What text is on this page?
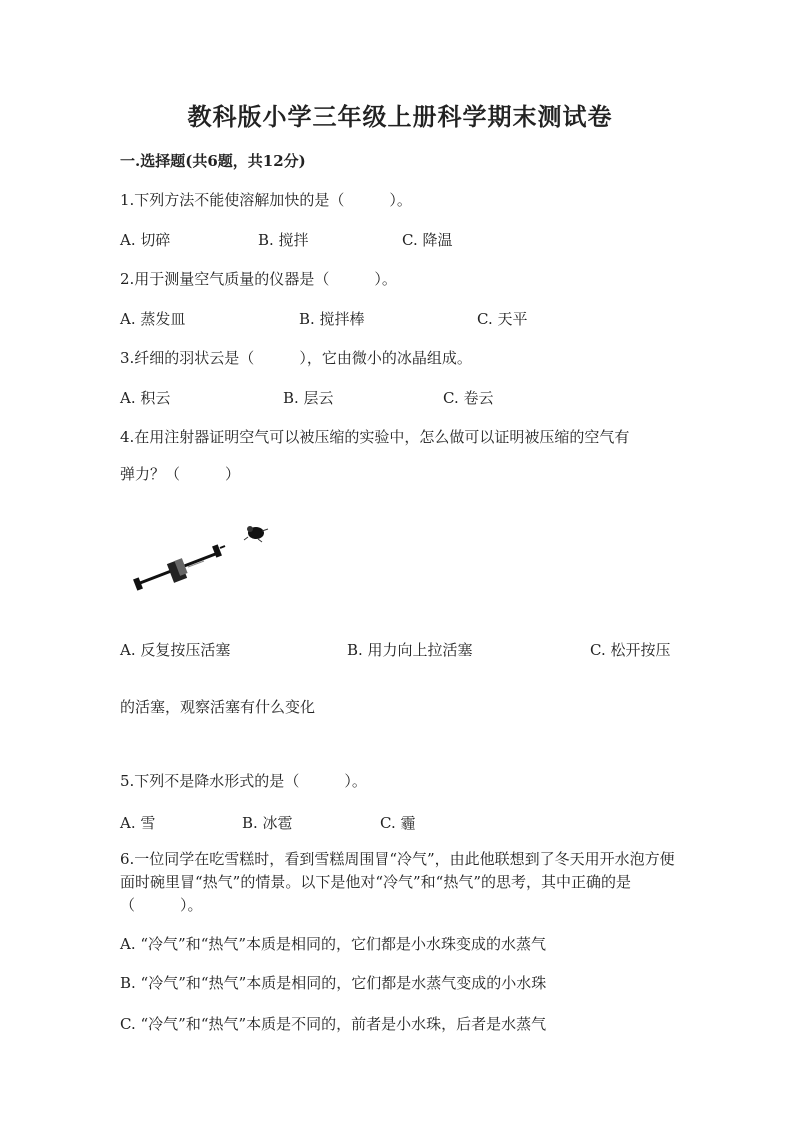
教科版小学三年级上册科学期末测试卷
一.选择题(共6题，共12分)
1.下列方法不能使溶解加快的是（　　　）。
A. 切碎	B. 搅拌	C. 降温
2.用于测量空气质量的仪器是（　　　）。
A. 蒸发皿	B. 搅拌棒	C. 天平
3.纤细的羽状云是（　　　），它由微小的冰晶组成。
A. 积云	B. 层云	C. 卷云
4.在用注射器证明空气可以被压缩的实验中，怎么做可以证明被压缩的空气有
弹力？（　　　）
A. 反复按压活塞	B. 用力向上拉活塞	C. 松开按压
的活塞，观察活塞有什么变化
5.下列不是降水形式的是（　　　）。
A. 雪	B. 冰雹	C. 霾
6.一位同学在吃雪糕时，看到雪糕周围冒“冷气”，由此他联想到了冬天用开水泡方便面时碗里冒“热气”的情景。以下是他对“冷气”和“热气”的思考，其中正确的是（　　　）。
A. “冷气”和“热气”本质是相同的，它们都是小水珠变成的水蒸气
B. “冷气”和“热气”本质是相同的，它们都是水蒸气变成的小水珠
C. “冷气”和“热气”本质是不同的，前者是小水珠，后者是水蒸气
